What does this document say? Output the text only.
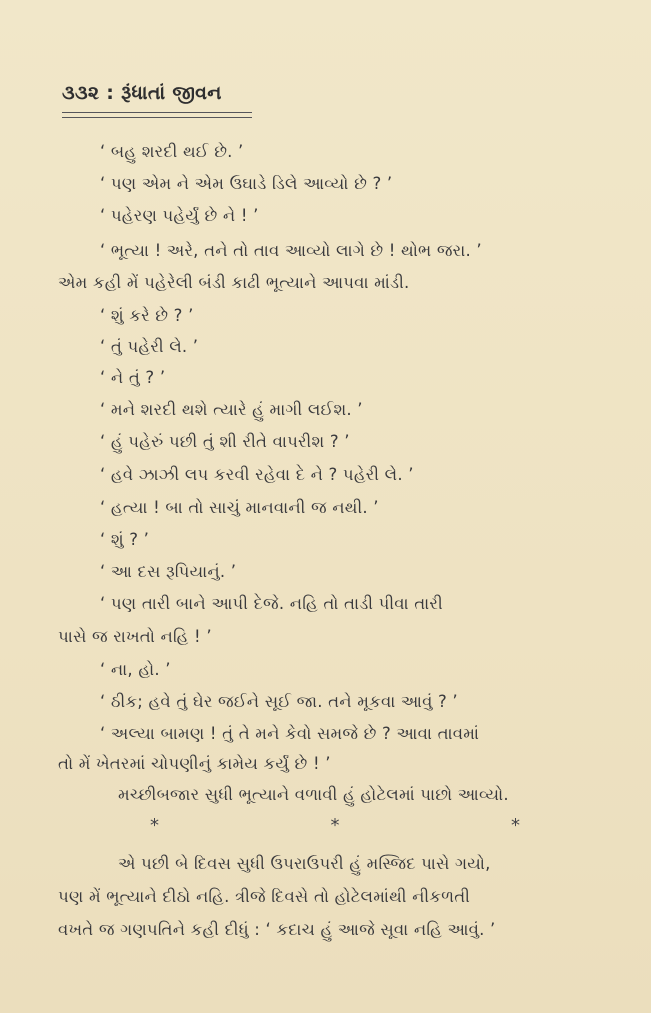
૩૩૨ : રૂંધાતાં જીવન
‘ બહુ શરદી થઈ છે. ’
‘ પણ એમ ને એમ ઉઘાડે ડિલે આવ્યો છે ? ’
‘ પહેરણ પહેર્યું છે ને ! ’
‘ ભૂત્યા ! અરે, તને તો તાવ આવ્યો લાગે છે ! થોભ જરા. ’
એમ કહી મેં પહેરેલી બંડી કાઢી ભૂત્યાને આપવા માંડી.
‘ શું કરે છે ? ’
‘ તું પહેરી લે. ’
‘ ને તું ? ’
‘ મને શરદી થશે ત્યારે હું માગી લઈશ. ’
‘ હું પહેરું પછી તું શી રીતે વાપરીશ ? ’
‘ હવે ઝાઝી લપ કરવી રહેવા દે ને ? પહેરી લે. ’
‘ હત્યા ! બા તો સાચું માનવાની જ નથી. ’
‘ શું ? ’
‘ આ દસ રૂપિયાનું. ’
‘ પણ તારી બાને આપી દેજે. નહિ તો તાડી પીવા તારી
પાસે જ રાખતો નહિ ! ’
‘ ના, હો. ’
‘ ઠીક; હવે તું ઘેર જઈને સૂઈ જા. તને મૂકવા આવું ? ’
‘ અલ્યા બામણ ! તું તે મને કેવો સમજે છે ? આવા તાવમાં
તો મેં ખેતરમાં ચોપણીનું કામેય કર્યું છે ! ’
મચ્છીબજાર સુધી ભૂત્યાને વળાવી હું હોટેલમાં પાછો આવ્યો.
*	*	*
એ પછી બે દિવસ સુધી ઉપરાઉપરી હું મસ્જિદ પાસે ગયો,
પણ મેં ભૂત્યાને દીઠો નહિ. ત્રીજે દિવસે તો હોટેલમાંથી નીકળતી
વખતે જ ગણપતિને કહી દીધું : ‘ કદાચ હું આજે સૂવા નહિ આવું. ’
